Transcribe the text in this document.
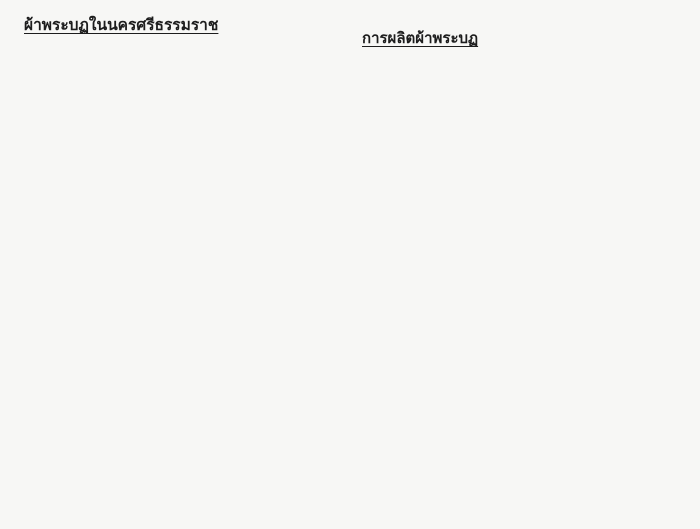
ผ้าพระบฏในนครศรีธรรมราช
การผลิตผ้าพระบฏ
